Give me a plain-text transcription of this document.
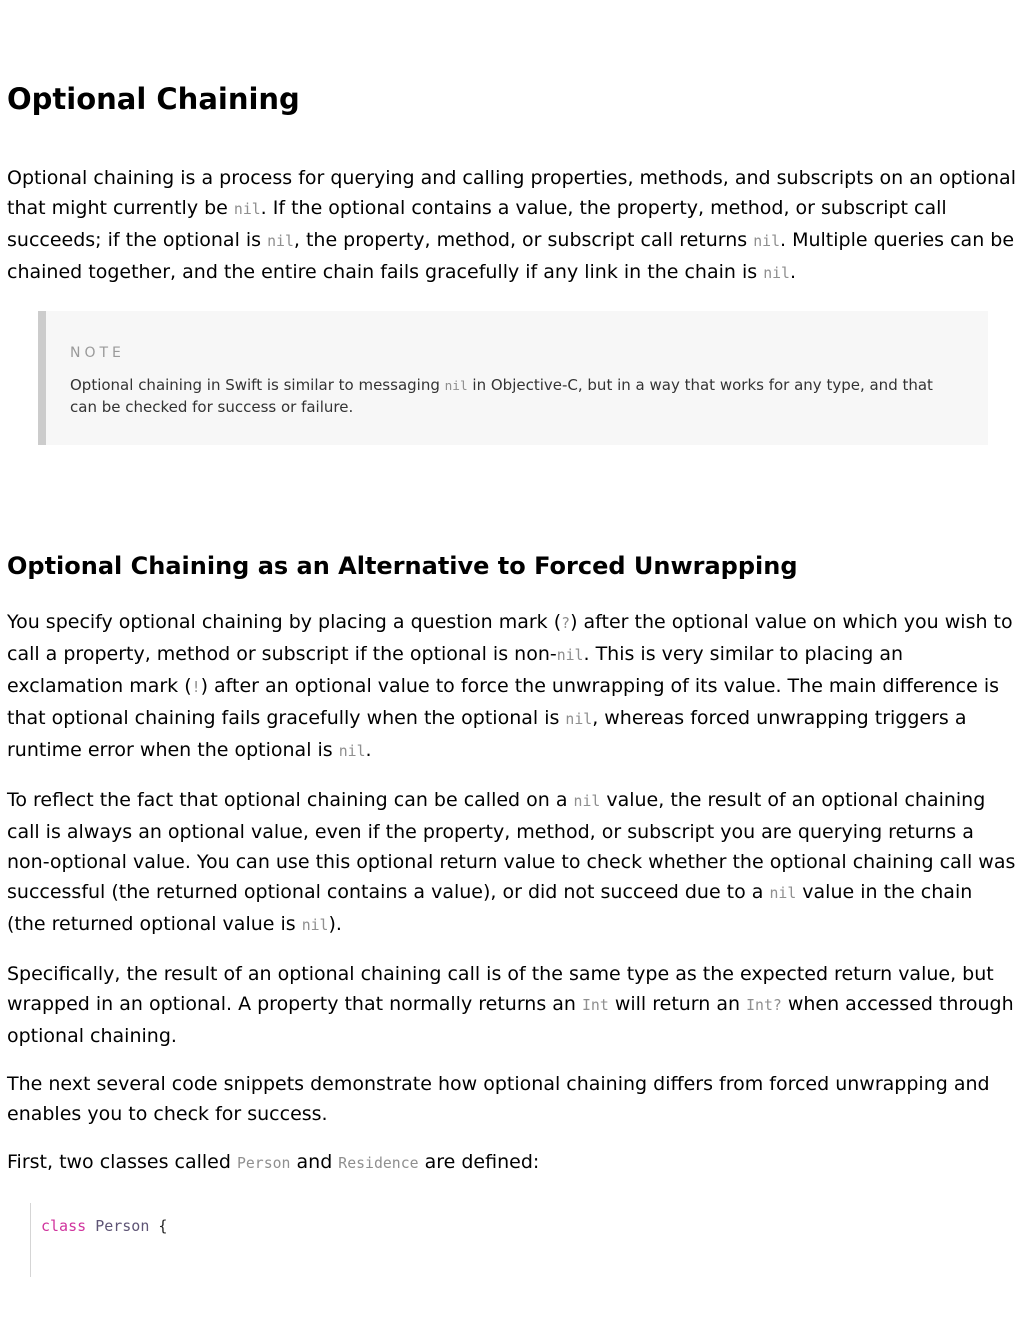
Optional Chaining

Optional chaining is a process for querying and calling properties, methods, and subscripts on an optional that might currently be nil. If the optional contains a value, the property, method, or subscript call succeeds; if the optional is nil, the property, method, or subscript call returns nil. Multiple queries can be chained together, and the entire chain fails gracefully if any link in the chain is nil.

NOTE
Optional chaining in Swift is similar to messaging nil in Objective-C, but in a way that works for any type, and that can be checked for success or failure.
Optional Chaining as an Alternative to Forced Unwrapping

You specify optional chaining by placing a question mark (?) after the optional value on which you wish to call a property, method or subscript if the optional is non-nil. This is very similar to placing an exclamation mark (!) after an optional value to force the unwrapping of its value. The main difference is that optional chaining fails gracefully when the optional is nil, whereas forced unwrapping triggers a runtime error when the optional is nil.

To reflect the fact that optional chaining can be called on a nil value, the result of an optional chaining call is always an optional value, even if the property, method, or subscript you are querying returns a non-optional value. You can use this optional return value to check whether the optional chaining call was successful (the returned optional contains a value), or did not succeed due to a nil value in the chain (the returned optional value is nil).

Specifically, the result of an optional chaining call is of the same type as the expected return value, but wrapped in an optional. A property that normally returns an Int will return an Int? when accessed through optional chaining.

The next several code snippets demonstrate how optional chaining differs from forced unwrapping and enables you to check for success.

First, two classes called Person and Residence are defined:

class Person {
